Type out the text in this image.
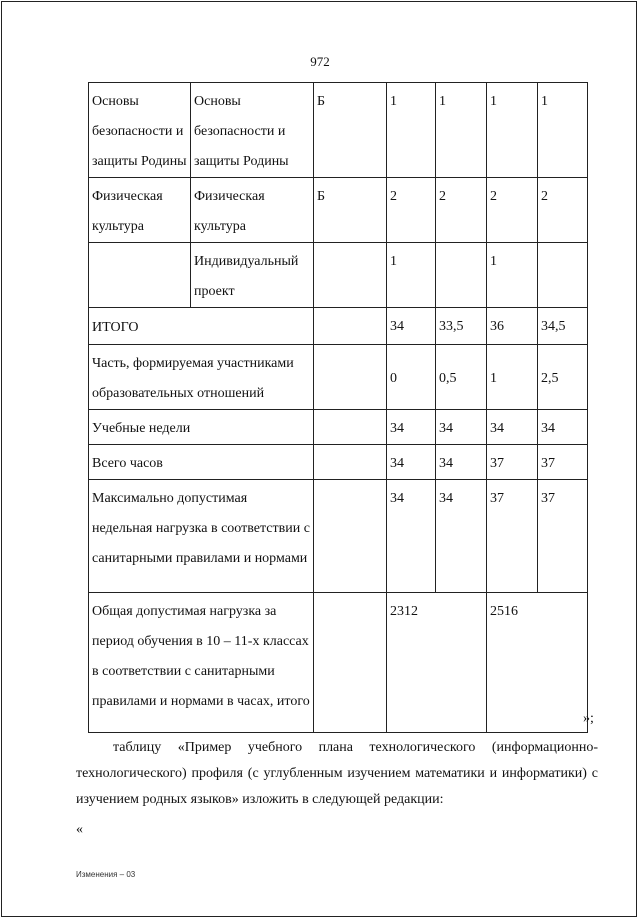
972
Основы безопасности и защиты Родины	Основы безопасности и защиты Родины	Б	1	1	1	1
Физическая культура	Физическая культура	Б	2	2	2	2
	Индивидуальный проект		1		1	
ИТОГО			34	33,5	36	34,5
Часть, формируемая участниками образовательных отношений			0	0,5	1	2,5
Учебные недели			34	34	34	34
Всего часов			34	34	37	37
Максимально допустимая недельная нагрузка в соответствии с санитарными правилами и нормами			34	34	37	37
Общая допустимая нагрузка за период обучения в 10 – 11-х классах в соответствии с санитарными правилами и нормами в часах, итого			2312		2516	
»;

таблицу «Пример учебного плана технологического (информационно-технологического) профиля (с углубленным изучением математики и информатики) с изучением родных языков» изложить в следующей редакции:

«
Изменения – 03
